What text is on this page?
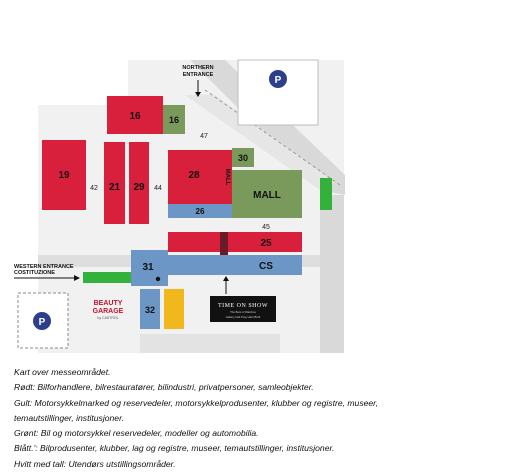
P
P
16	16
19
21 29
28	MALL
30
MALL
26
25
CS
31
32
47
42	44
45
NORTHERN ENTRANCE
WESTERN ENTRANCE
COSTITUZIONE
BEAUTY
GARAGE
by CASTROL
TIME ON SHOW
The Best of Watches
Gallery Hall Prop Hall 25/26
Kart over messeområdet.
Rødt: Bilforhandlere, bilrestauratører, bilindustri, privatpersoner, samleobjekter.
Gult: Motorsykkelmarked og reservedeler, motorsykkelprodusenter, klubber og registre, museer,
temautstillinger, institusjoner.
Grønt: Bil og motorsykkel reservedeler, modeller og automobilia.
Blått.': Bilprodusenter, klubber, lag og registre, museer, temautstillinger, institusjoner.
Hvitt med tall: Utendørs utstillingsområder.
